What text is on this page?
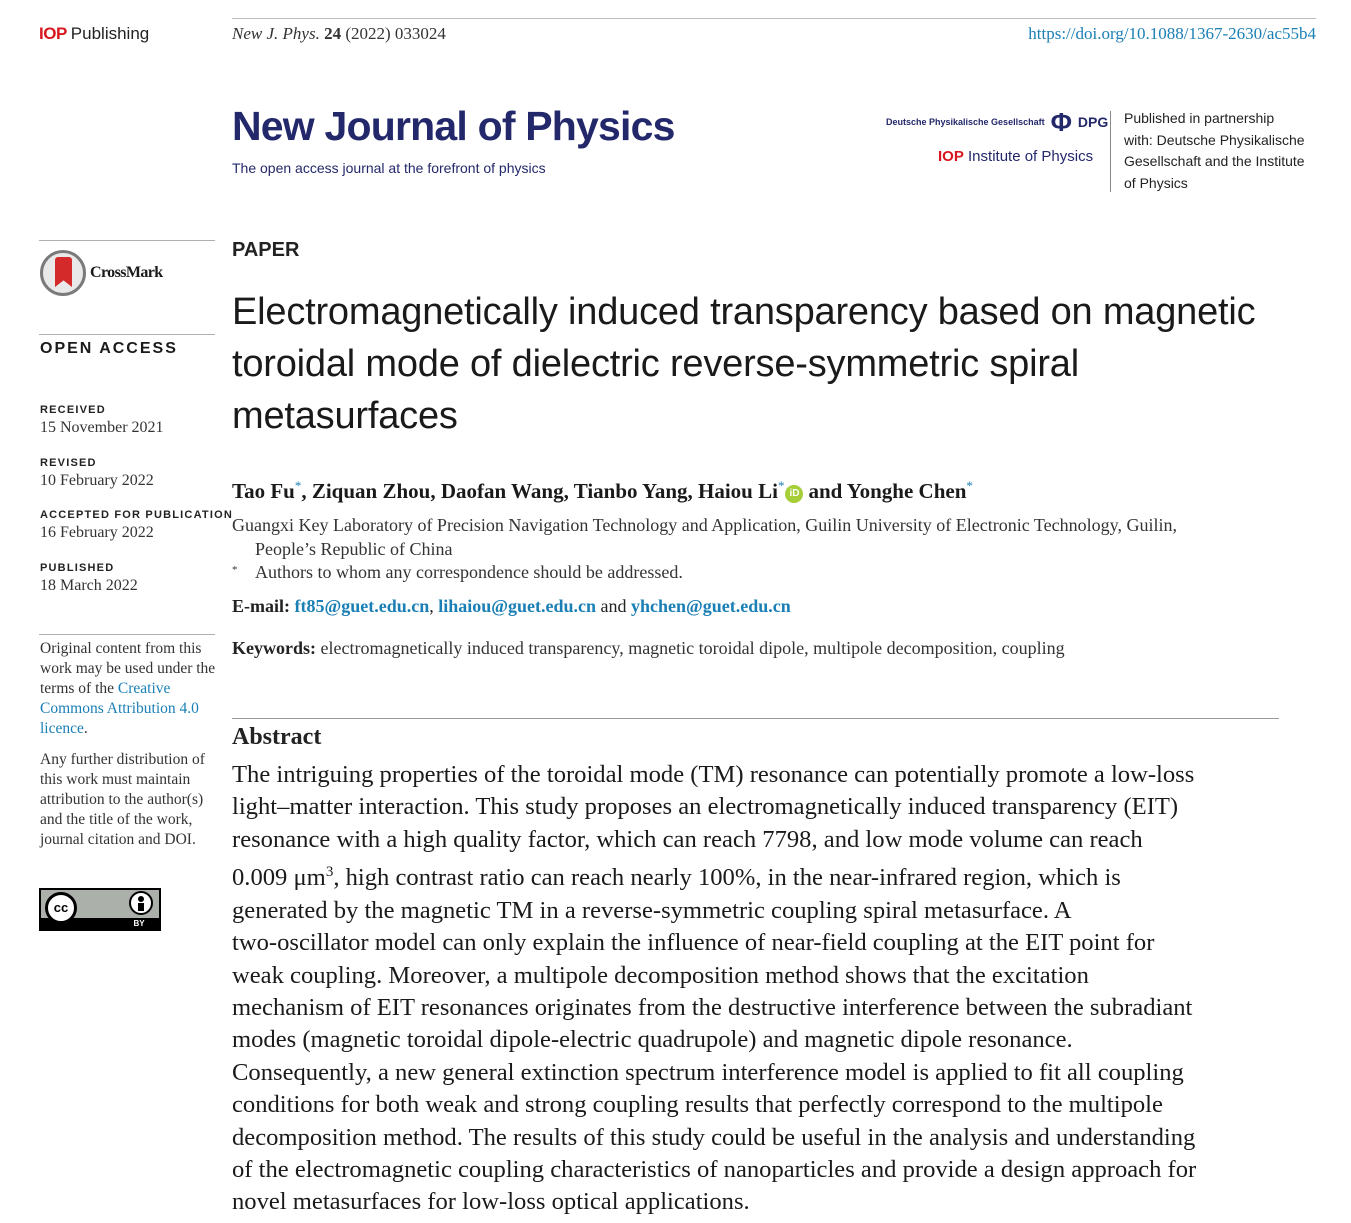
IOP Publishing	New J. Phys. 24 (2022) 033024	https://doi.org/10.1088/1367-2630/ac55b4
New Journal of Physics
The open access journal at the forefront of physics
Deutsche Physikalische Gesellschaft Φ DPG
IOP Institute of Physics
Published in partnership
with: Deutsche Physikalische
Gesellschaft and the Institute
of Physics
CrossMark
OPEN ACCESS
RECEIVED
15 November 2021
REVISED
10 February 2022
ACCEPTED FOR PUBLICATION
16 February 2022
PUBLISHED
18 March 2022
Original content from this work may be used under the terms of the Creative Commons Attribution 4.0 licence.
Any further distribution of this work must maintain attribution to the author(s) and the title of the work, journal citation and DOI.
cc
BY
PAPER
Electromagnetically induced transparency based on magnetic toroidal mode of dielectric reverse-symmetric spiral metasurfaces
Tao Fu*, Ziquan Zhou, Daofan Wang, Tianbo Yang, Haiou Li*iD and Yonghe Chen*
Guangxi Key Laboratory of Precision Navigation Technology and Application, Guilin University of Electronic Technology, Guilin,
People’s Republic of China
* Authors to whom any correspondence should be addressed.
E-mail: ft85@guet.edu.cn, lihaiou@guet.edu.cn and yhchen@guet.edu.cn
Keywords: electromagnetically induced transparency, magnetic toroidal dipole, multipole decomposition, coupling
Abstract
The intriguing properties of the toroidal mode (TM) resonance can potentially promote a low-loss
light–matter interaction. This study proposes an electromagnetically induced transparency (EIT)
resonance with a high quality factor, which can reach 7798, and low mode volume can reach
0.009 $\mu m^3$, high contrast ratio can reach nearly 100%, in the near-infrared region, which is
generated by the magnetic TM in a reverse-symmetric coupling spiral metasurface. A
two-oscillator model can only explain the influence of near-field coupling at the EIT point for
weak coupling. Moreover, a multipole decomposition method shows that the excitation
mechanism of EIT resonances originates from the destructive interference between the subradiant
modes (magnetic toroidal dipole-electric quadrupole) and magnetic dipole resonance.
Consequently, a new general extinction spectrum interference model is applied to fit all coupling
conditions for both weak and strong coupling results that perfectly correspond to the multipole
decomposition method. The results of this study could be useful in the analysis and understanding
of the electromagnetic coupling characteristics of nanoparticles and provide a design approach for
novel metasurfaces for low-loss optical applications.
